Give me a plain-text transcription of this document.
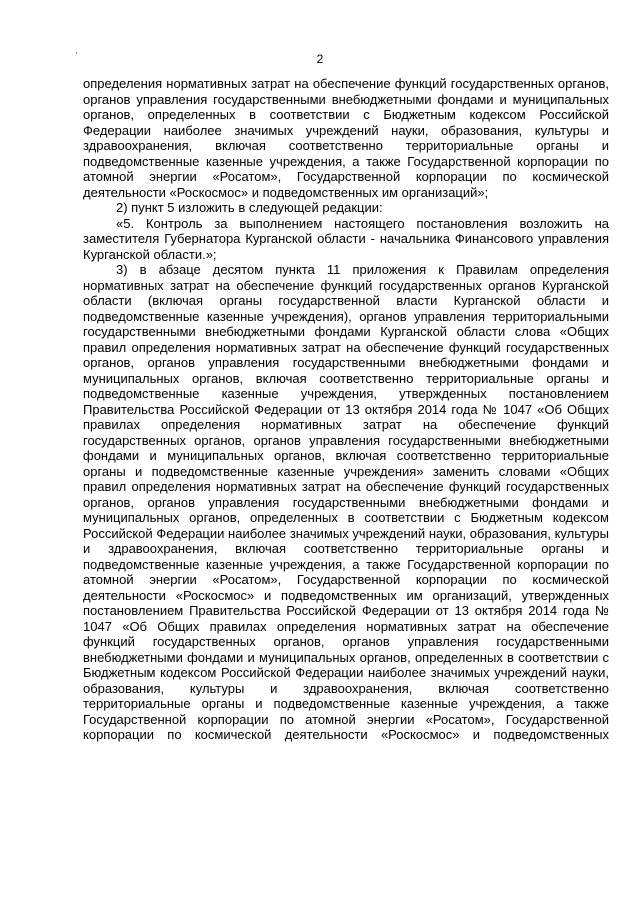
2

определения нормативных затрат на обеспечение функций государственных органов, органов управления государственными внебюджетными фондами и муниципальных органов, определенных в соответствии с Бюджетным кодексом Российской Федерации наиболее значимых учреждений науки, образования, культуры и здравоохранения, включая соответственно территориальные органы и подведомственные казенные учреждения, а также Государственной корпорации по атомной энергии «Росатом», Государственной корпорации по космической деятельности «Роскосмос» и подведомственных им организаций»;

2) пункт 5 изложить в следующей редакции:

«5. Контроль за выполнением настоящего постановления возложить на заместителя Губернатора Курганской области - начальника Финансового управления Курганской области.»;

3) в абзаце десятом пункта 11 приложения к Правилам определения нормативных затрат на обеспечение функций государственных органов Курганской области (включая органы государственной власти Курганской области и подведомственные казенные учреждения), органов управления территориальными государственными внебюджетными фондами Курганской области слова «Общих правил определения нормативных затрат на обеспечение функций государственных органов, органов управления государственными внебюджетными фондами и муниципальных органов, включая соответственно территориальные органы и подведомственные казенные учреждения, утвержденных постановлением Правительства Российской Федерации от 13 октября 2014 года № 1047 «Об Общих правилах определения нормативных затрат на обеспечение функций государственных органов, органов управления государственными внебюджетными фондами и муниципальных органов, включая соответственно территориальные органы и подведомственные казенные учреждения» заменить словами «Общих правил определения нормативных затрат на обеспечение функций государственных органов, органов управления государственными внебюджетными фондами и муниципальных органов, определенных в соответствии с Бюджетным кодексом Российской Федерации наиболее значимых учреждений науки, образования, культуры и здравоохранения, включая соответственно территориальные органы и подведомственные казенные учреждения, а также Государственной корпорации по атомной энергии «Росатом», Государственной корпорации по космической деятельности «Роскосмос» и подведомственных им организаций, утвержденных постановлением Правительства Российской Федерации от 13 октября 2014 года № 1047 «Об Общих правилах определения нормативных затрат на обеспечение функций государственных органов, органов управления государственными внебюджетными фондами и муниципальных органов, определенных в соответствии с Бюджетным кодексом Российской Федерации наиболее значимых учреждений науки, образования, культуры и здравоохранения, включая соответственно территориальные органы и подведомственные казенные учреждения, а также Государственной корпорации по атомной энергии «Росатом», Государственной корпорации по космической деятельности «Роскосмос» и подведомственных
